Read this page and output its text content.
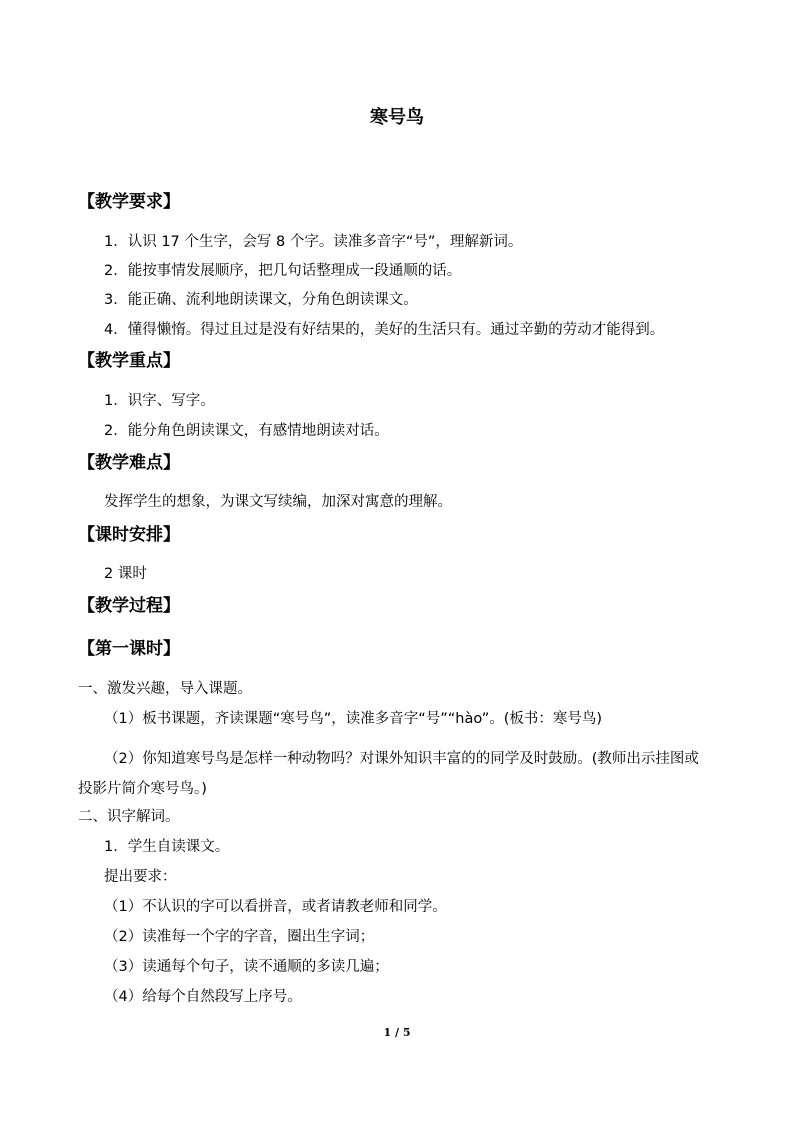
寒号鸟
【教学要求】
1．认识 17 个生字，会写 8 个字。读准多音字“号”，理解新词。
2．能按事情发展顺序，把几句话整理成一段通顺的话。
3．能正确、流利地朗读课文，分角色朗读课文。
4．懂得懒惰。得过且过是没有好结果的，美好的生活只有。通过辛勤的劳动才能得到。
【教学重点】
1．识字、写字。
2．能分角色朗读课文，有感情地朗读对话。
【教学难点】
发挥学生的想象，为课文写续编，加深对寓意的理解。
【课时安排】
2 课时
【教学过程】
【第一课时】
一、激发兴趣，导入课题。
（1）板书课题，齐读课题“寒号鸟”，读准多音字“号”“hào”。(板书：寒号鸟)
（2）你知道寒号鸟是怎样一种动物吗？对课外知识丰富的的同学及时鼓励。(教师出示挂图或投影片简介寒号鸟。)
二、识字解词。
1．学生自读课文。
提出要求：
（1）不认识的字可以看拼音，或者请教老师和同学。
（2）读准每一个字的字音，圈出生字词；
（3）读通每个句子，读不通顺的多读几遍；
（4）给每个自然段写上序号。
1 / 5
